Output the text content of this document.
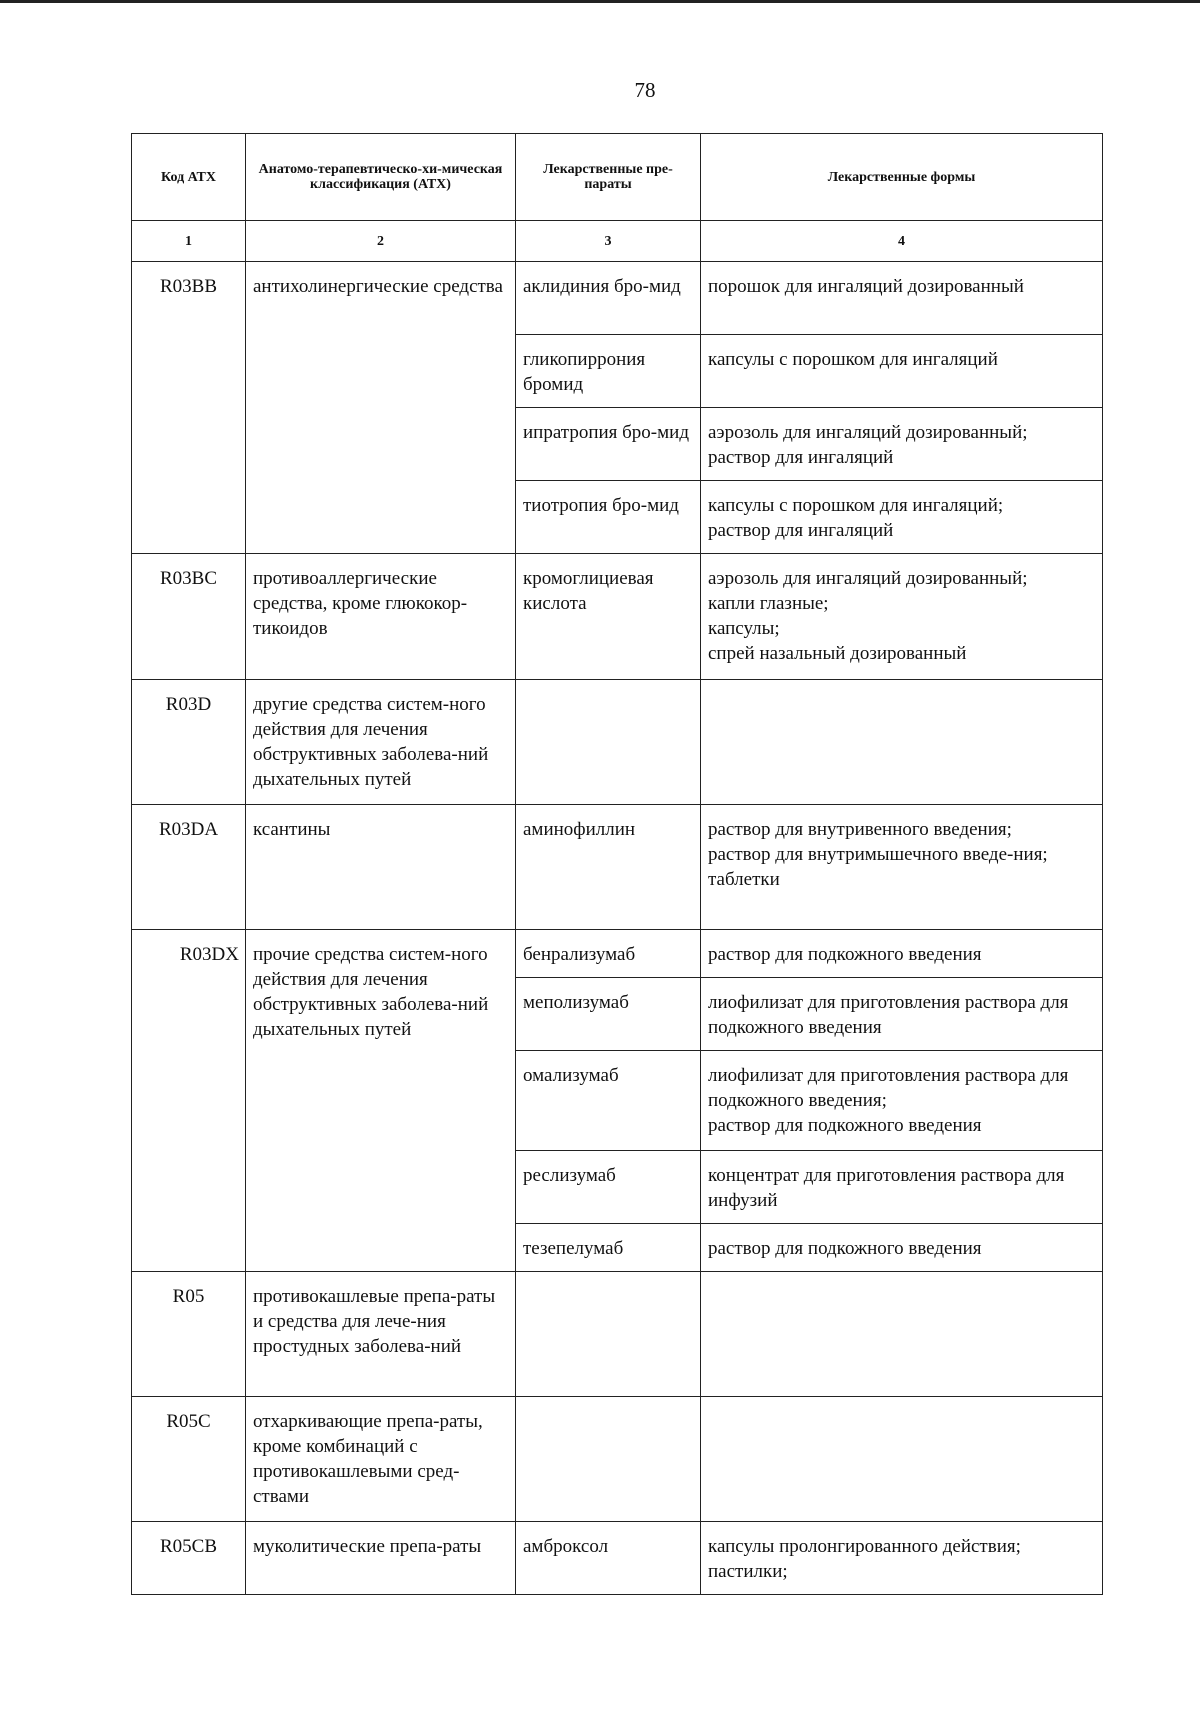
78
Код АТХ	Анатомо-терапевтическо-хи-мическая классификация (АТХ)	Лекарственные пре-параты	Лекарственные формы
1	2	3	4
R03BB	антихолинергические средства	аклидиния бро-мид	порошок для ингаляций дозированный

		гликопиррония бромид	капсулы с порошком для ингаляций

		ипратропия бро-мид	аэрозоль для ингаляций дозированный;
раствор для ингаляций

		тиотропия бро-мид	капсулы с порошком для ингаляций;
раствор для ингаляций

R03BC	противоаллергические средства, кроме глюкокор-тикоидов	кромоглициевая кислота	аэрозоль для ингаляций дозированный;
капли глазные;
капсулы;
спрей назальный дозированный

R03D	другие средства систем-ного действия для лечения обструктивных заболева-ний дыхательных путей		
R03DA	ксантины	аминофиллин	раствор для внутривенного введения;
раствор для внутримышечного введе-ния;
таблетки

R03DX	прочие средства систем-ного действия для лечения обструктивных заболева-ний дыхательных путей	бенрализумаб	раствор для подкожного введения

		меполизумаб	лиофилизат для приготовления раствора для подкожного введения

		омализумаб	лиофилизат для приготовления раствора для подкожного введения;
раствор для подкожного введения

		реслизумаб	концентрат для приготовления раствора для инфузий

		тезепелумаб	раствор для подкожного введения

R05	противокашлевые препа-раты и средства для лече-ния простудных заболева-ний		
R05C	отхаркивающие препа-раты, кроме комбинаций с противокашлевыми сред-ствами		
R05CB	муколитические препа-раты	амброксол	капсулы пролонгированного действия;
пастилки;
